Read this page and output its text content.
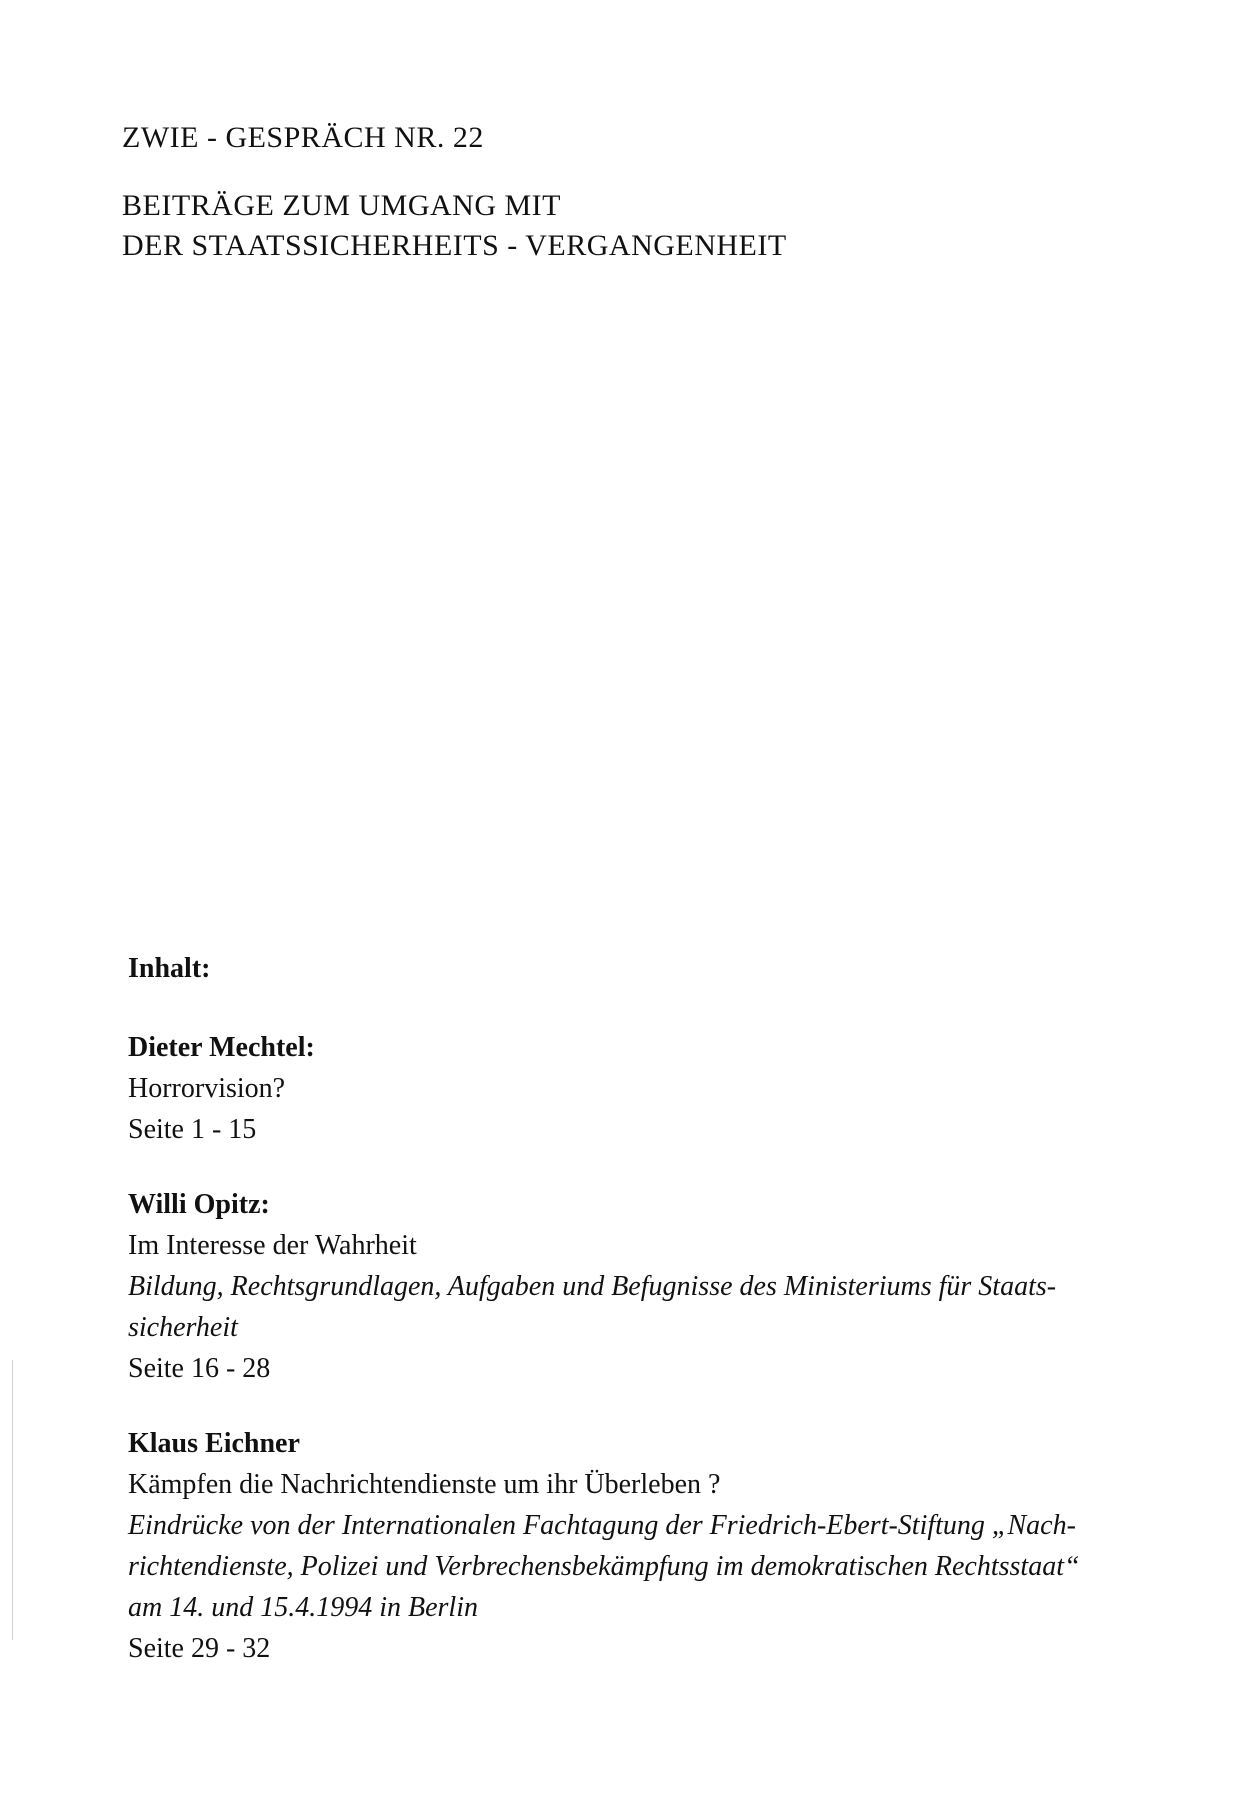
ZWIE - GESPRÄCH NR. 22
BEITRÄGE ZUM UMGANG MIT
DER STAATSSICHERHEITS - VERGANGENHEIT
Inhalt:
Dieter Mechtel:
Horrorvision?
Seite 1 - 15
Willi Opitz:
Im Interesse der Wahrheit
Bildung, Rechtsgrundlagen, Aufgaben und Befugnisse des Ministeriums für Staats-
sicherheit
Seite 16 - 28
Klaus Eichner
Kämpfen die Nachrichtendienste um ihr Überleben ?
Eindrücke von der Internationalen Fachtagung der Friedrich-Ebert-Stiftung „Nach-
richtendienste, Polizei und Verbrechensbekämpfung im demokratischen Rechtsstaat“
am 14. und 15.4.1994 in Berlin
Seite 29 - 32
